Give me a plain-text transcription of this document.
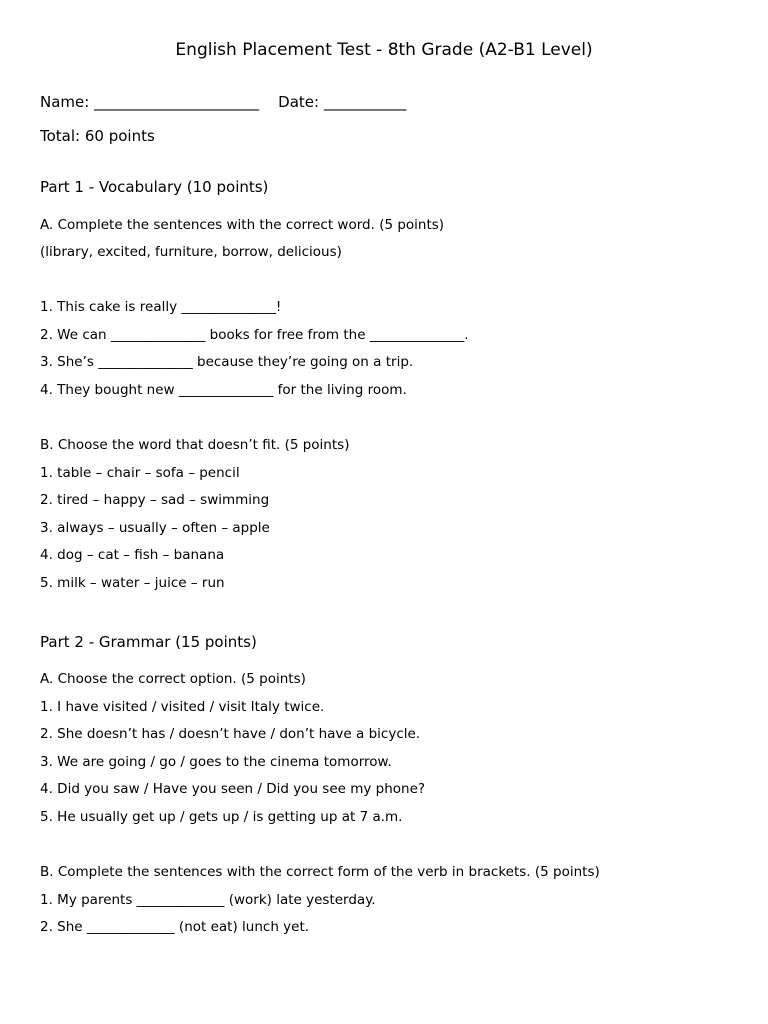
English Placement Test - 8th Grade (A2-B1 Level)
Name: ______________________    Date: ___________
Total: 60 points
Part 1 - Vocabulary (10 points)
A. Complete the sentences with the correct word. (5 points)
(library, excited, furniture, borrow, delicious)
1. This cake is really ______________!
2. We can ______________ books for free from the ______________.
3. She’s ______________ because they’re going on a trip.
4. They bought new ______________ for the living room.
B. Choose the word that doesn’t fit. (5 points)
1. table – chair – sofa – pencil
2. tired – happy – sad – swimming
3. always – usually – often – apple
4. dog – cat – fish – banana
5. milk – water – juice – run
Part 2 - Grammar (15 points)
A. Choose the correct option. (5 points)
1. I have visited / visited / visit Italy twice.
2. She doesn’t has / doesn’t have / don’t have a bicycle.
3. We are going / go / goes to the cinema tomorrow.
4. Did you saw / Have you seen / Did you see my phone?
5. He usually get up / gets up / is getting up at 7 a.m.
B. Complete the sentences with the correct form of the verb in brackets. (5 points)
1. My parents _____________ (work) late yesterday.
2. She _____________ (not eat) lunch yet.
